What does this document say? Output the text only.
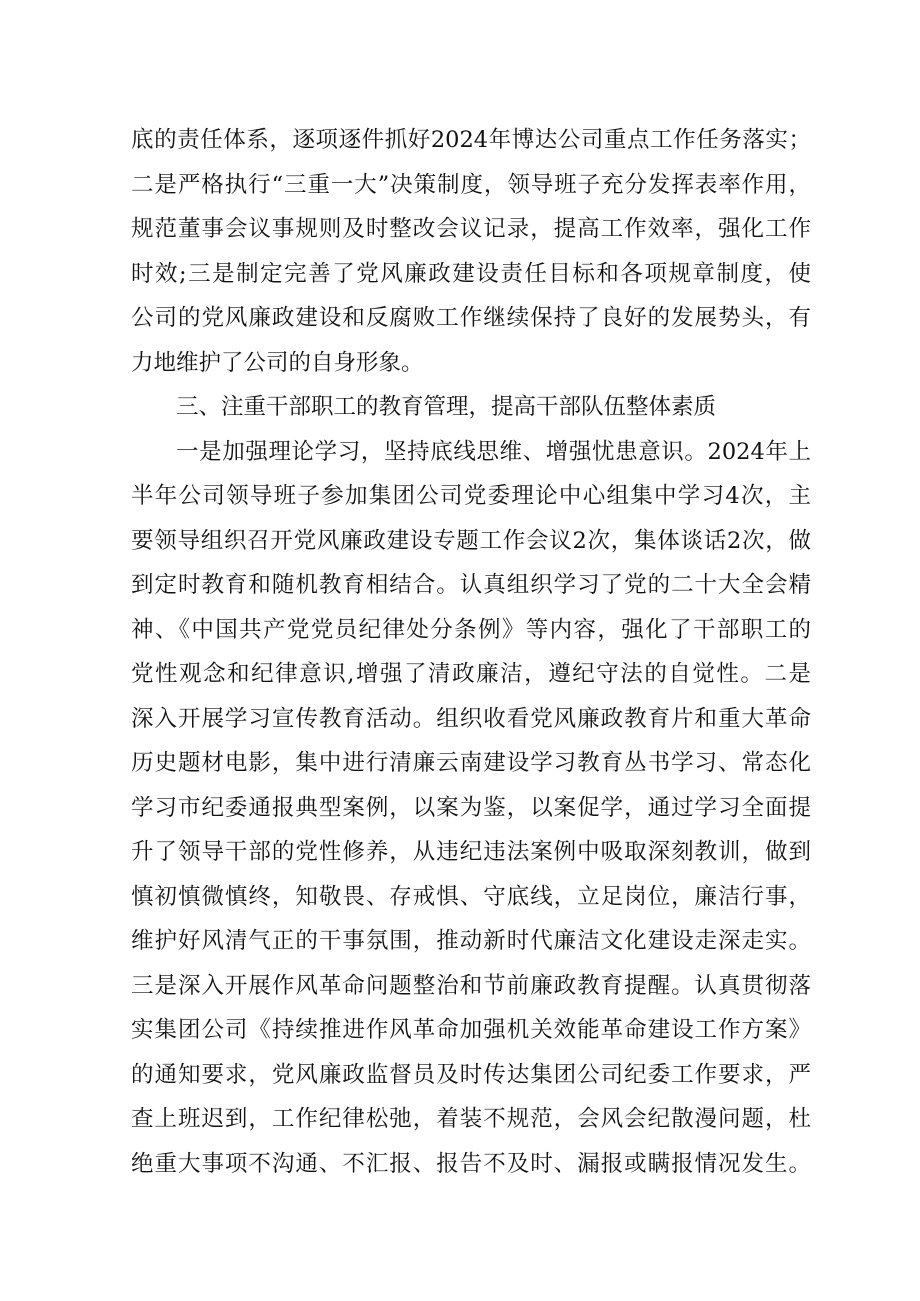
底的责任体系，逐项逐件抓好2024年博达公司重点工作任务落实；
二是严格执行“三重一大”决策制度，领导班子充分发挥表率作用，
规范董事会议事规则及时整改会议记录，提高工作效率，强化工作
时效;三是制定完善了党风廉政建设责任目标和各项规章制度，使
公司的党风廉政建设和反腐败工作继续保持了良好的发展势头，有
力地维护了公司的自身形象。
三、注重干部职工的教育管理，提高干部队伍整体素质
一是加强理论学习，坚持底线思维、增强忧患意识。2024年上
半年公司领导班子参加集团公司党委理论中心组集中学习4次，主
要领导组织召开党风廉政建设专题工作会议2次，集体谈话2次，做
到定时教育和随机教育相结合。认真组织学习了党的二十大全会精
神、《中国共产党党员纪律处分条例》等内容，强化了干部职工的
党性观念和纪律意识,增强了清政廉洁，遵纪守法的自觉性。二是
深入开展学习宣传教育活动。组织收看党风廉政教育片和重大革命
历史题材电影，集中进行清廉云南建设学习教育丛书学习、常态化
学习市纪委通报典型案例，以案为鉴，以案促学，通过学习全面提
升了领导干部的党性修养，从违纪违法案例中吸取深刻教训，做到
慎初慎微慎终，知敬畏、存戒惧、守底线，立足岗位，廉洁行事，
维护好风清气正的干事氛围，推动新时代廉洁文化建设走深走实。
三是深入开展作风革命问题整治和节前廉政教育提醒。认真贯彻落
实集团公司《持续推进作风革命加强机关效能革命建设工作方案》
的通知要求，党风廉政监督员及时传达集团公司纪委工作要求，严
查上班迟到，工作纪律松弛，着装不规范，会风会纪散漫问题，杜
绝重大事项不沟通、不汇报、报告不及时、漏报或瞒报情况发生。
